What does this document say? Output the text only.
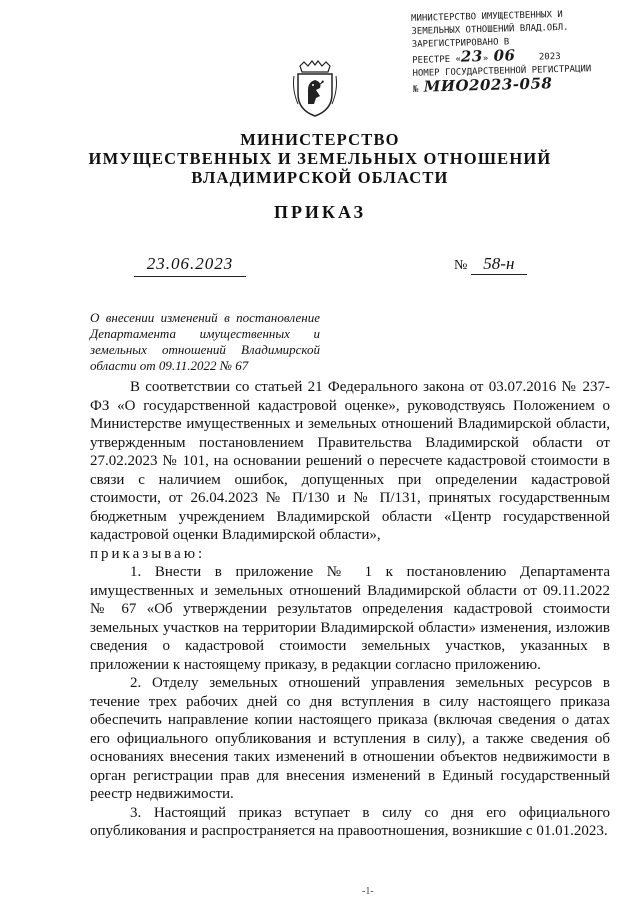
МИНИСТЕРСТВО ИМУЩЕСТВЕННЫХ И
ЗЕМЕЛЬНЫХ ОТНОШЕНИЙ ВЛАД.ОБЛ.
ЗАРЕГИСТРИРОВАНО В
РЕЕСТРЕ «23» 06	2023
НОМЕР ГОСУДАРСТВЕННОЙ РЕГИСТРАЦИИ
№ МИО2023-058
МИНИСТЕРСТВО
ИМУЩЕСТВЕННЫХ И ЗЕМЕЛЬНЫХ ОТНОШЕНИЙ
ВЛАДИМИРСКОЙ ОБЛАСТИ
ПРИКАЗ
23.06.2023	№ 58-н
О внесении изменений в постановление Департамента имущественных и земельных отношений Владимирской области от 09.11.2022 № 67

В соответствии со статьей 21 Федерального закона от 03.07.2016 № 237-ФЗ «О государственной кадастровой оценке», руководствуясь Положением о Министерстве имущественных и земельных отношений Владимирской области, утвержденным постановлением Правительства Владимирской области от 27.02.2023 № 101, на основании решений о пересчете кадастровой стоимости в связи с наличием ошибок, допущенных при определении кадастровой стоимости, от 26.04.2023 № П/130 и № П/131, принятых государственным бюджетным учреждением Владимирской области «Центр государственной кадастровой оценки Владимирской области»,

приказываю:

1. Внести в приложение № 1 к постановлению Департамента имущественных и земельных отношений Владимирской области от 09.11.2022 № 67 «Об утверждении результатов определения кадастровой стоимости земельных участков на территории Владимирской области» изменения, изложив сведения о кадастровой стоимости земельных участков, указанных в приложении к настоящему приказу, в редакции согласно приложению.

2. Отделу земельных отношений управления земельных ресурсов в течение трех рабочих дней со дня вступления в силу настоящего приказа обеспечить направление копии настоящего приказа (включая сведения о датах его официального опубликования и вступления в силу), а также сведения об основаниях внесения таких изменений в отношении объектов недвижимости в орган регистрации прав для внесения изменений в Единый государственный реестр недвижимости.

3. Настоящий приказ вступает в силу со дня его официального опубликования и распространяется на правоотношения, возникшие с 01.01.2023.

-1-
